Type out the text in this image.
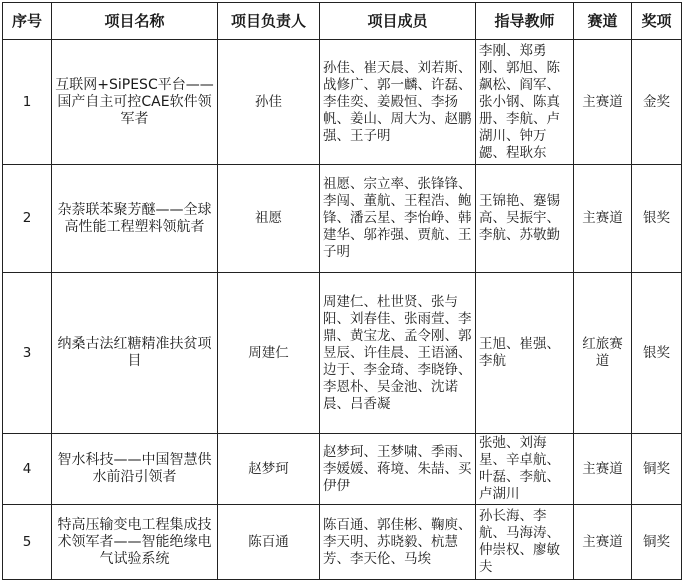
序号	项目名称	项目负责人	项目成员	指导教师	赛道	奖项
1	互联网+SiPESC平台——国产自主可控CAE软件领军者	孙佳	孙佳、崔天晨、刘若斯、战修广、郭一麟、许磊、李佳奕、姜殿恒、李扬帆、姜山、周大为、赵鹏强、王子明	李刚、郑勇刚、郭旭、陈飙松、阎军、张小钢、陈真册、李航、卢湖川、钟万勰、程耿东	主赛道	金奖
2	杂萘联苯聚芳醚——全球高性能工程塑料领航者	祖愿	祖愿、宗立率、张锋锋、李闯、董航、王程浩、鲍锋、潘云星、李怡峥、韩建华、邬祚强、贾航、王子明	王锦艳、蹇锡高、吴振宇、李航、苏敬勤	主赛道	银奖
3	纳桑古法红糖精准扶贫项目	周建仁	周建仁、杜世贤、张与阳、刘春佳、张雨萱、李鼎、黄宝龙、孟令刚、郭昱辰、许佳晨、王语涵、边于、李金琦、李晓铮、李恩朴、吴金池、沈诺晨、吕香凝	王旭、崔强、李航	红旅赛道	银奖
4	智水科技——中国智慧供水前沿引领者	赵梦珂	赵梦珂、王梦啸、季雨、李媛媛、蒋境、朱喆、买伊伊	张弛、刘海星、辛卓航、叶磊、李航、卢湖川	主赛道	铜奖
5	特高压输变电工程集成技术领军者——智能绝缘电气试验系统	陈百通	陈百通、郭佳彬、鞠庾、李天明、苏晓毅、杭慧芳、李天伦、马埃	孙长海、李航、马海涛、仲崇权、廖敏夫	主赛道	铜奖
